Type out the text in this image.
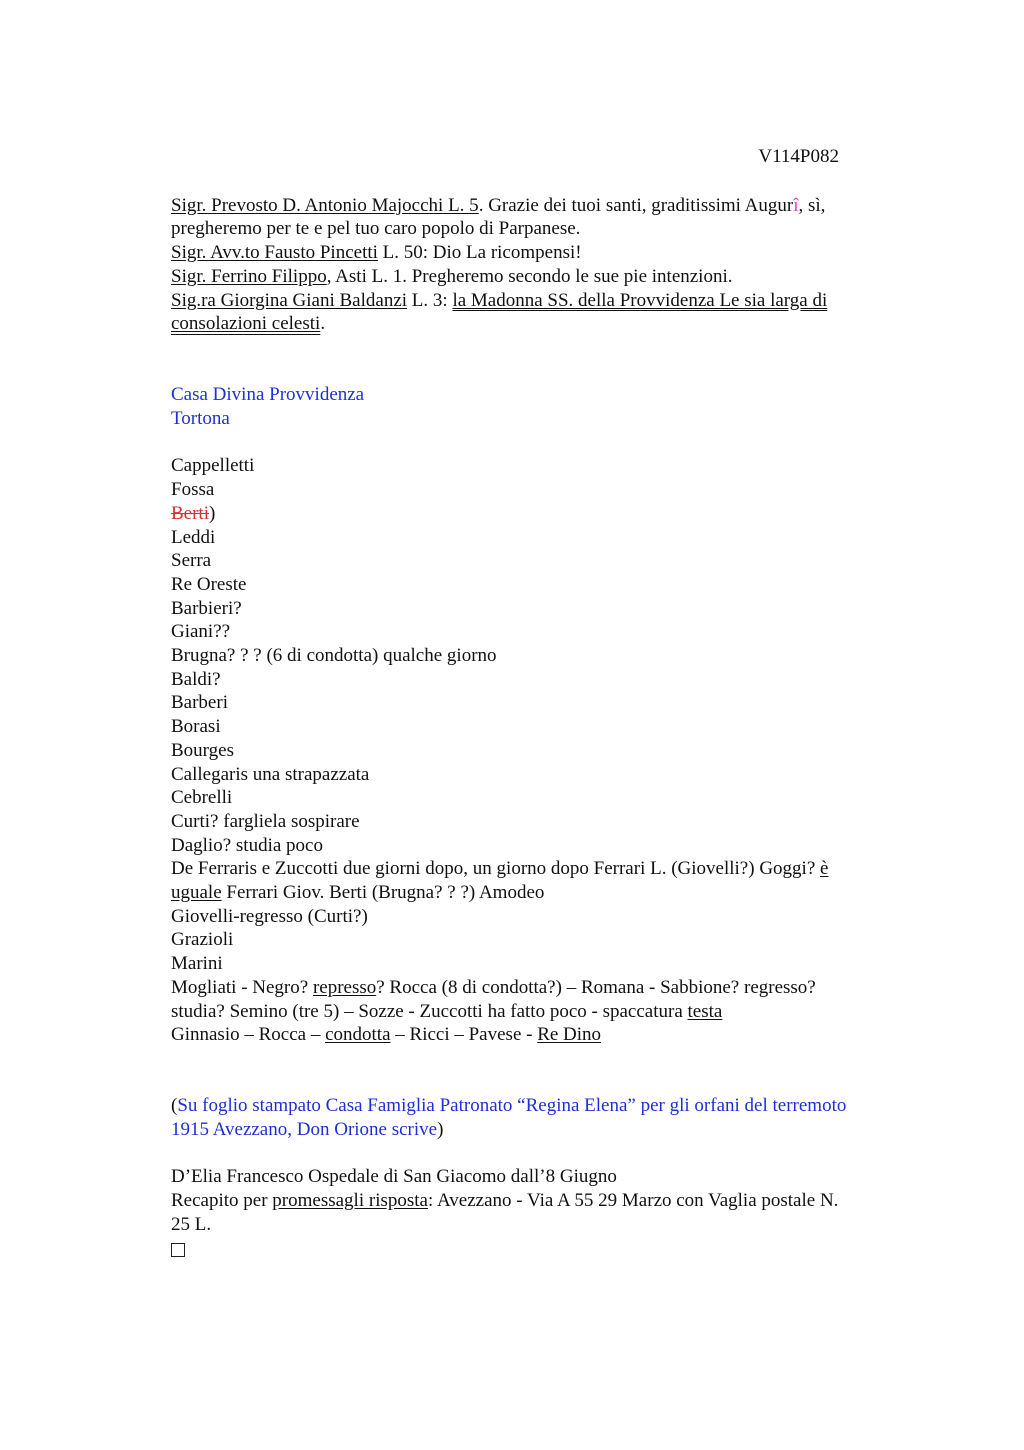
V114P082

Sigr. Prevosto D. Antonio Majocchi L. 5. Grazie dei tuoi santi, graditissimi Augurî, sì,

pregheremo per te e pel tuo caro popolo di Parpanese.

Sigr. Avv.to Fausto Pincetti L. 50: Dio La ricompensi!

Sigr. Ferrino Filippo, Asti L. 1. Pregheremo secondo le sue pie intenzioni.

Sig.ra Giorgina Giani Baldanzi L. 3: la Madonna SS. della Provvidenza Le sia larga di

consolazioni celesti.

Casa Divina Provvidenza

Tortona

Cappelletti

Fossa

Berti)

Leddi

Serra

Re Oreste

Barbieri?

Giani??

Brugna? ? ? (6 di condotta) qualche giorno

Baldi?

Barberi

Borasi

Bourges

Callegaris una strapazzata

Cebrelli

Curti? fargliela sospirare

Daglio? studia poco

De Ferraris e Zuccotti due giorni dopo, un giorno dopo Ferrari L. (Giovelli?) Goggi? è

uguale Ferrari Giov. Berti (Brugna? ? ?) Amodeo

Giovelli-regresso (Curti?)

Grazioli

Marini

Mogliati - Negro? represso? Rocca (8 di condotta?) – Romana - Sabbione? regresso?

studia? Semino (tre 5) – Sozze - Zuccotti ha fatto poco - spaccatura testa

Ginnasio – Rocca – condotta – Ricci – Pavese - Re Dino

(Su foglio stampato Casa Famiglia Patronato “Regina Elena” per gli orfani del terremoto

1915 Avezzano, Don Orione scrive)

D’Elia Francesco Ospedale di San Giacomo dall’8 Giugno

Recapito per promessagli risposta: Avezzano - Via A 55 29 Marzo con Vaglia postale N.

25 L.
